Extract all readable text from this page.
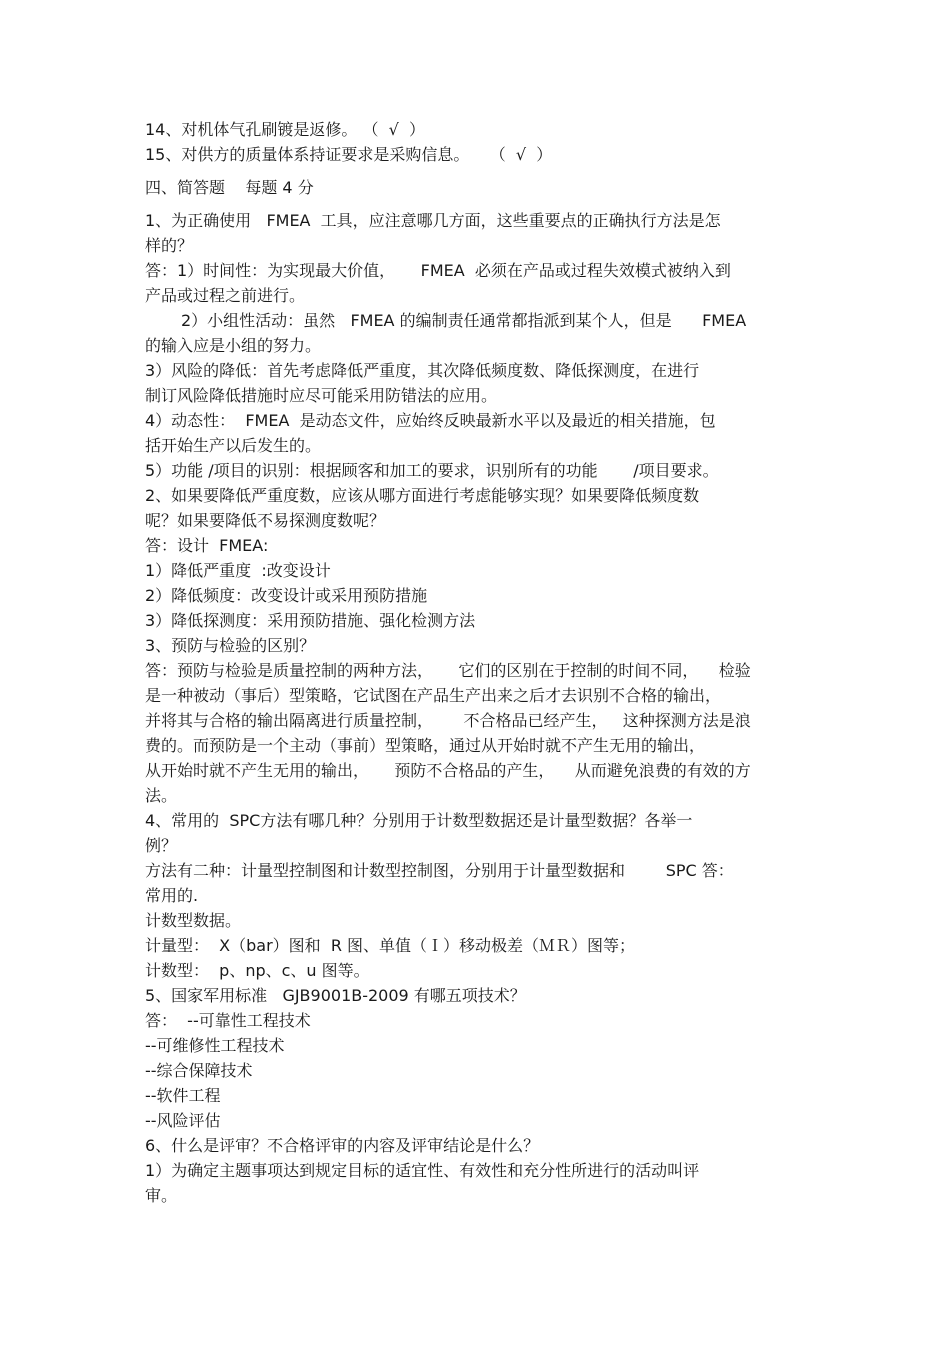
14、对机体气孔刷镀是返修。 （  √  ）

15、对供方的质量体系持证要求是采购信息。    （  √  ）

四、简答题    每题 4 分

1、为正确使用   FMEA  工具，应注意哪几方面，这些重要点的正确执行方法是怎

样的？

答：1）时间性：为实现最大价值，     FMEA  必须在产品或过程失效模式被纳入到

产品或过程之前进行。

2）小组性活动：虽然   FMEA 的编制责任通常都指派到某个人，但是      FMEA

的输入应是小组的努力。

3）风险的降低：首先考虑降低严重度，其次降低频度数、降低探测度，在进行

制订风险降低措施时应尽可能采用防错法的应用。

4）动态性：  FMEA  是动态文件，应始终反映最新水平以及最近的相关措施，包

括开始生产以后发生的。

5）功能 /项目的识别：根据顾客和加工的要求，识别所有的功能       /项目要求。

2、如果要降低严重度数，应该从哪方面进行考虑能够实现？如果要降低频度数

呢？如果要降低不易探测度数呢？

答：设计  FMEA:

1）降低严重度  :改变设计

2）降低频度：改变设计或采用预防措施

3）降低探测度：采用预防措施、强化检测方法

3、预防与检验的区别？

答：预防与检验是质量控制的两种方法，     它们的区别在于控制的时间不同，    检验

是一种被动（事后）型策略，它试图在产品生产出来之后才去识别不合格的输出，

并将其与合格的输出隔离进行质量控制，      不合格品已经产生，   这种探测方法是浪

费的。而预防是一个主动（事前）型策略，通过从开始时就不产生无用的输出，

从开始时就不产生无用的输出，     预防不合格品的产生，    从而避免浪费的有效的方

法。

4、常用的  SPC方法有哪几种？分别用于计数型数据还是计量型数据？各举一

例？

方法有二种：计量型控制图和计数型控制图，分别用于计量型数据和        SPC 答：

常用的.

计数型数据。

计量型：  X（bar）图和  R 图、单值（Ｉ）移动极差（ＭＲ）图等；

计数型：  p、np、c、u 图等。

5、国家军用标准   GJB9001B-2009 有哪五项技术？

答：  --可靠性工程技术

--可维修性工程技术

--综合保障技术

--软件工程

--风险评估

6、什么是评审？不合格评审的内容及评审结论是什么？

1）为确定主题事项达到规定目标的适宜性、有效性和充分性所进行的活动叫评

审。
